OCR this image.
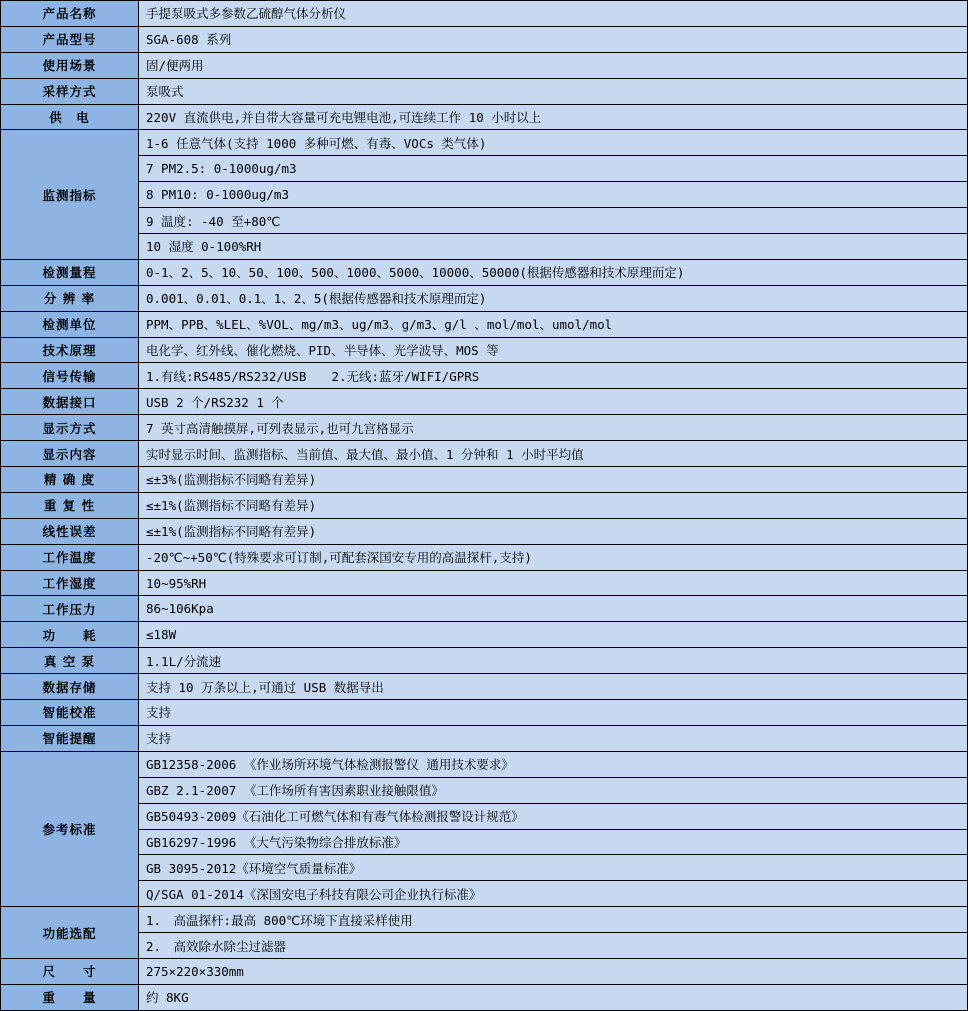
产品名称	手提泵吸式多参数乙硫醇气体分析仪
产品型号	SGA-608 系列
使用场景	固/便两用
采样方式	泵吸式
供　电	220V 直流供电,并自带大容量可充电锂电池,可连续工作 10 小时以上
监测指标	1-6 任意气体(支持 1000 多种可燃、有毒、VOCs 类气体)
	7 PM2.5: 0-1000ug/m3
	8 PM10: 0-1000ug/m3
	9 温度: -40 至+80℃
	10 湿度 0-100%RH
检测量程	0-1、2、5、10、50、100、500、1000、5000、10000、50000(根据传感器和技术原理而定)
分 辨 率	0.001、0.01、0.1、1、2、5(根据传感器和技术原理而定)
检测单位	PPM、PPB、%LEL、%VOL、mg/m3、ug/m3、g/m3、g/l 、mol/mol、umol/mol
技术原理	电化学、红外线、催化燃烧、PID、半导体、光学波导、MOS 等
信号传输	1.有线:RS485/RS232/USB　　2.无线:蓝牙/WIFI/GPRS
数据接口	USB 2 个/RS232 1 个
显示方式	7 英寸高清触摸屏,可列表显示,也可九宫格显示
显示内容	实时显示时间、监测指标、当前值、最大值、最小值、1 分钟和 1 小时平均值
精 确 度	≤±3%(监测指标不同略有差异)
重 复 性	≤±1%(监测指标不同略有差异)
线性误差	≤±1%(监测指标不同略有差异)
工作温度	-20℃~+50℃(特殊要求可订制,可配套深国安专用的高温探杆,支持)
工作湿度	10~95%RH
工作压力	86~106Kpa
功　　耗	≤18W
真 空 泵	1.1L/分流速
数据存储	支持 10 万条以上,可通过 USB 数据导出
智能校准	支持
智能提醒	支持
参考标准	GB12358-2006 《作业场所环境气体检测报警仪 通用技术要求》
	GBZ 2.1-2007 《工作场所有害因素职业接触限值》
	GB50493-2009《石油化工可燃气体和有毒气体检测报警设计规范》
	GB16297-1996 《大气污染物综合排放标准》
	GB 3095-2012《环境空气质量标准》
	Q/SGA 01-2014《深国安电子科技有限公司企业执行标准》
功能选配	1.　高温探杆:最高 800℃环境下直接采样使用
	2.　高效除水除尘过滤器
尺　　寸	275×220×330mm
重　　量	约 8KG
